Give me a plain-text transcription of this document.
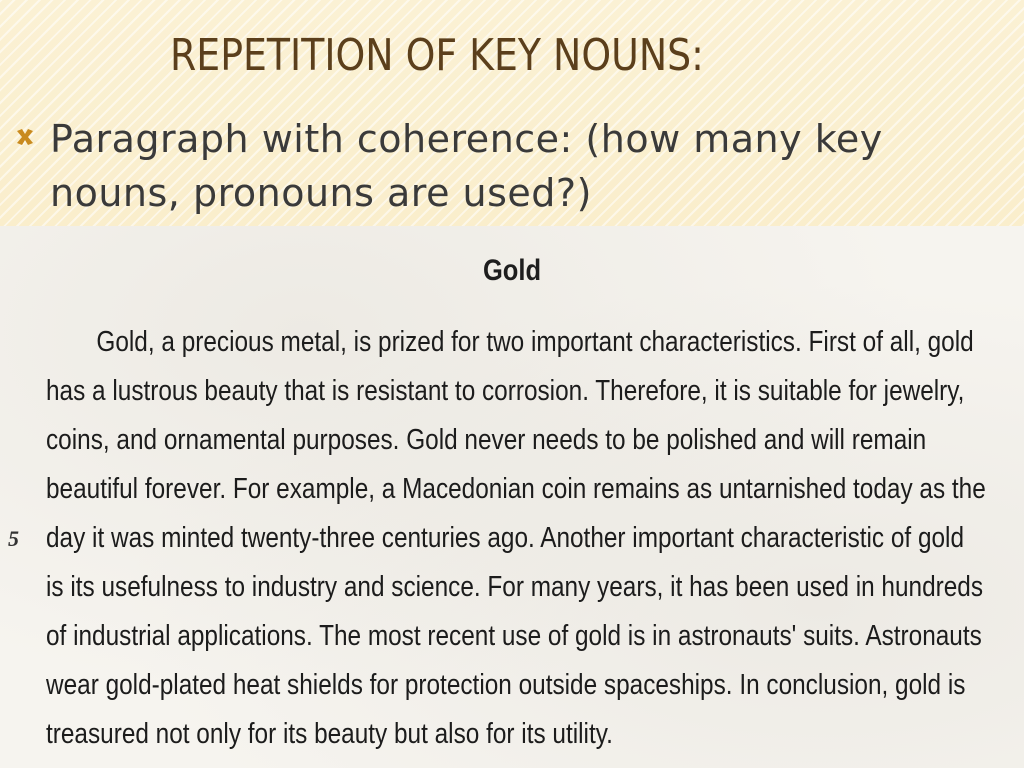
REPETITION OF KEY NOUNS:
Paragraph with coherence: (how many key nouns, pronouns are used?)
Gold
5
Gold, a precious metal, is prized for two important characteristics. First of all, gold
has a lustrous beauty that is resistant to corrosion. Therefore, it is suitable for jewelry,
coins, and ornamental purposes. Gold never needs to be polished and will remain
beautiful forever. For example, a Macedonian coin remains as untarnished today as the
day it was minted twenty-three centuries ago. Another important characteristic of gold
is its usefulness to industry and science. For many years, it has been used in hundreds
of industrial applications. The most recent use of gold is in astronauts' suits. Astronauts
wear gold-plated heat shields for protection outside spaceships. In conclusion, gold is
treasured not only for its beauty but also for its utility.
